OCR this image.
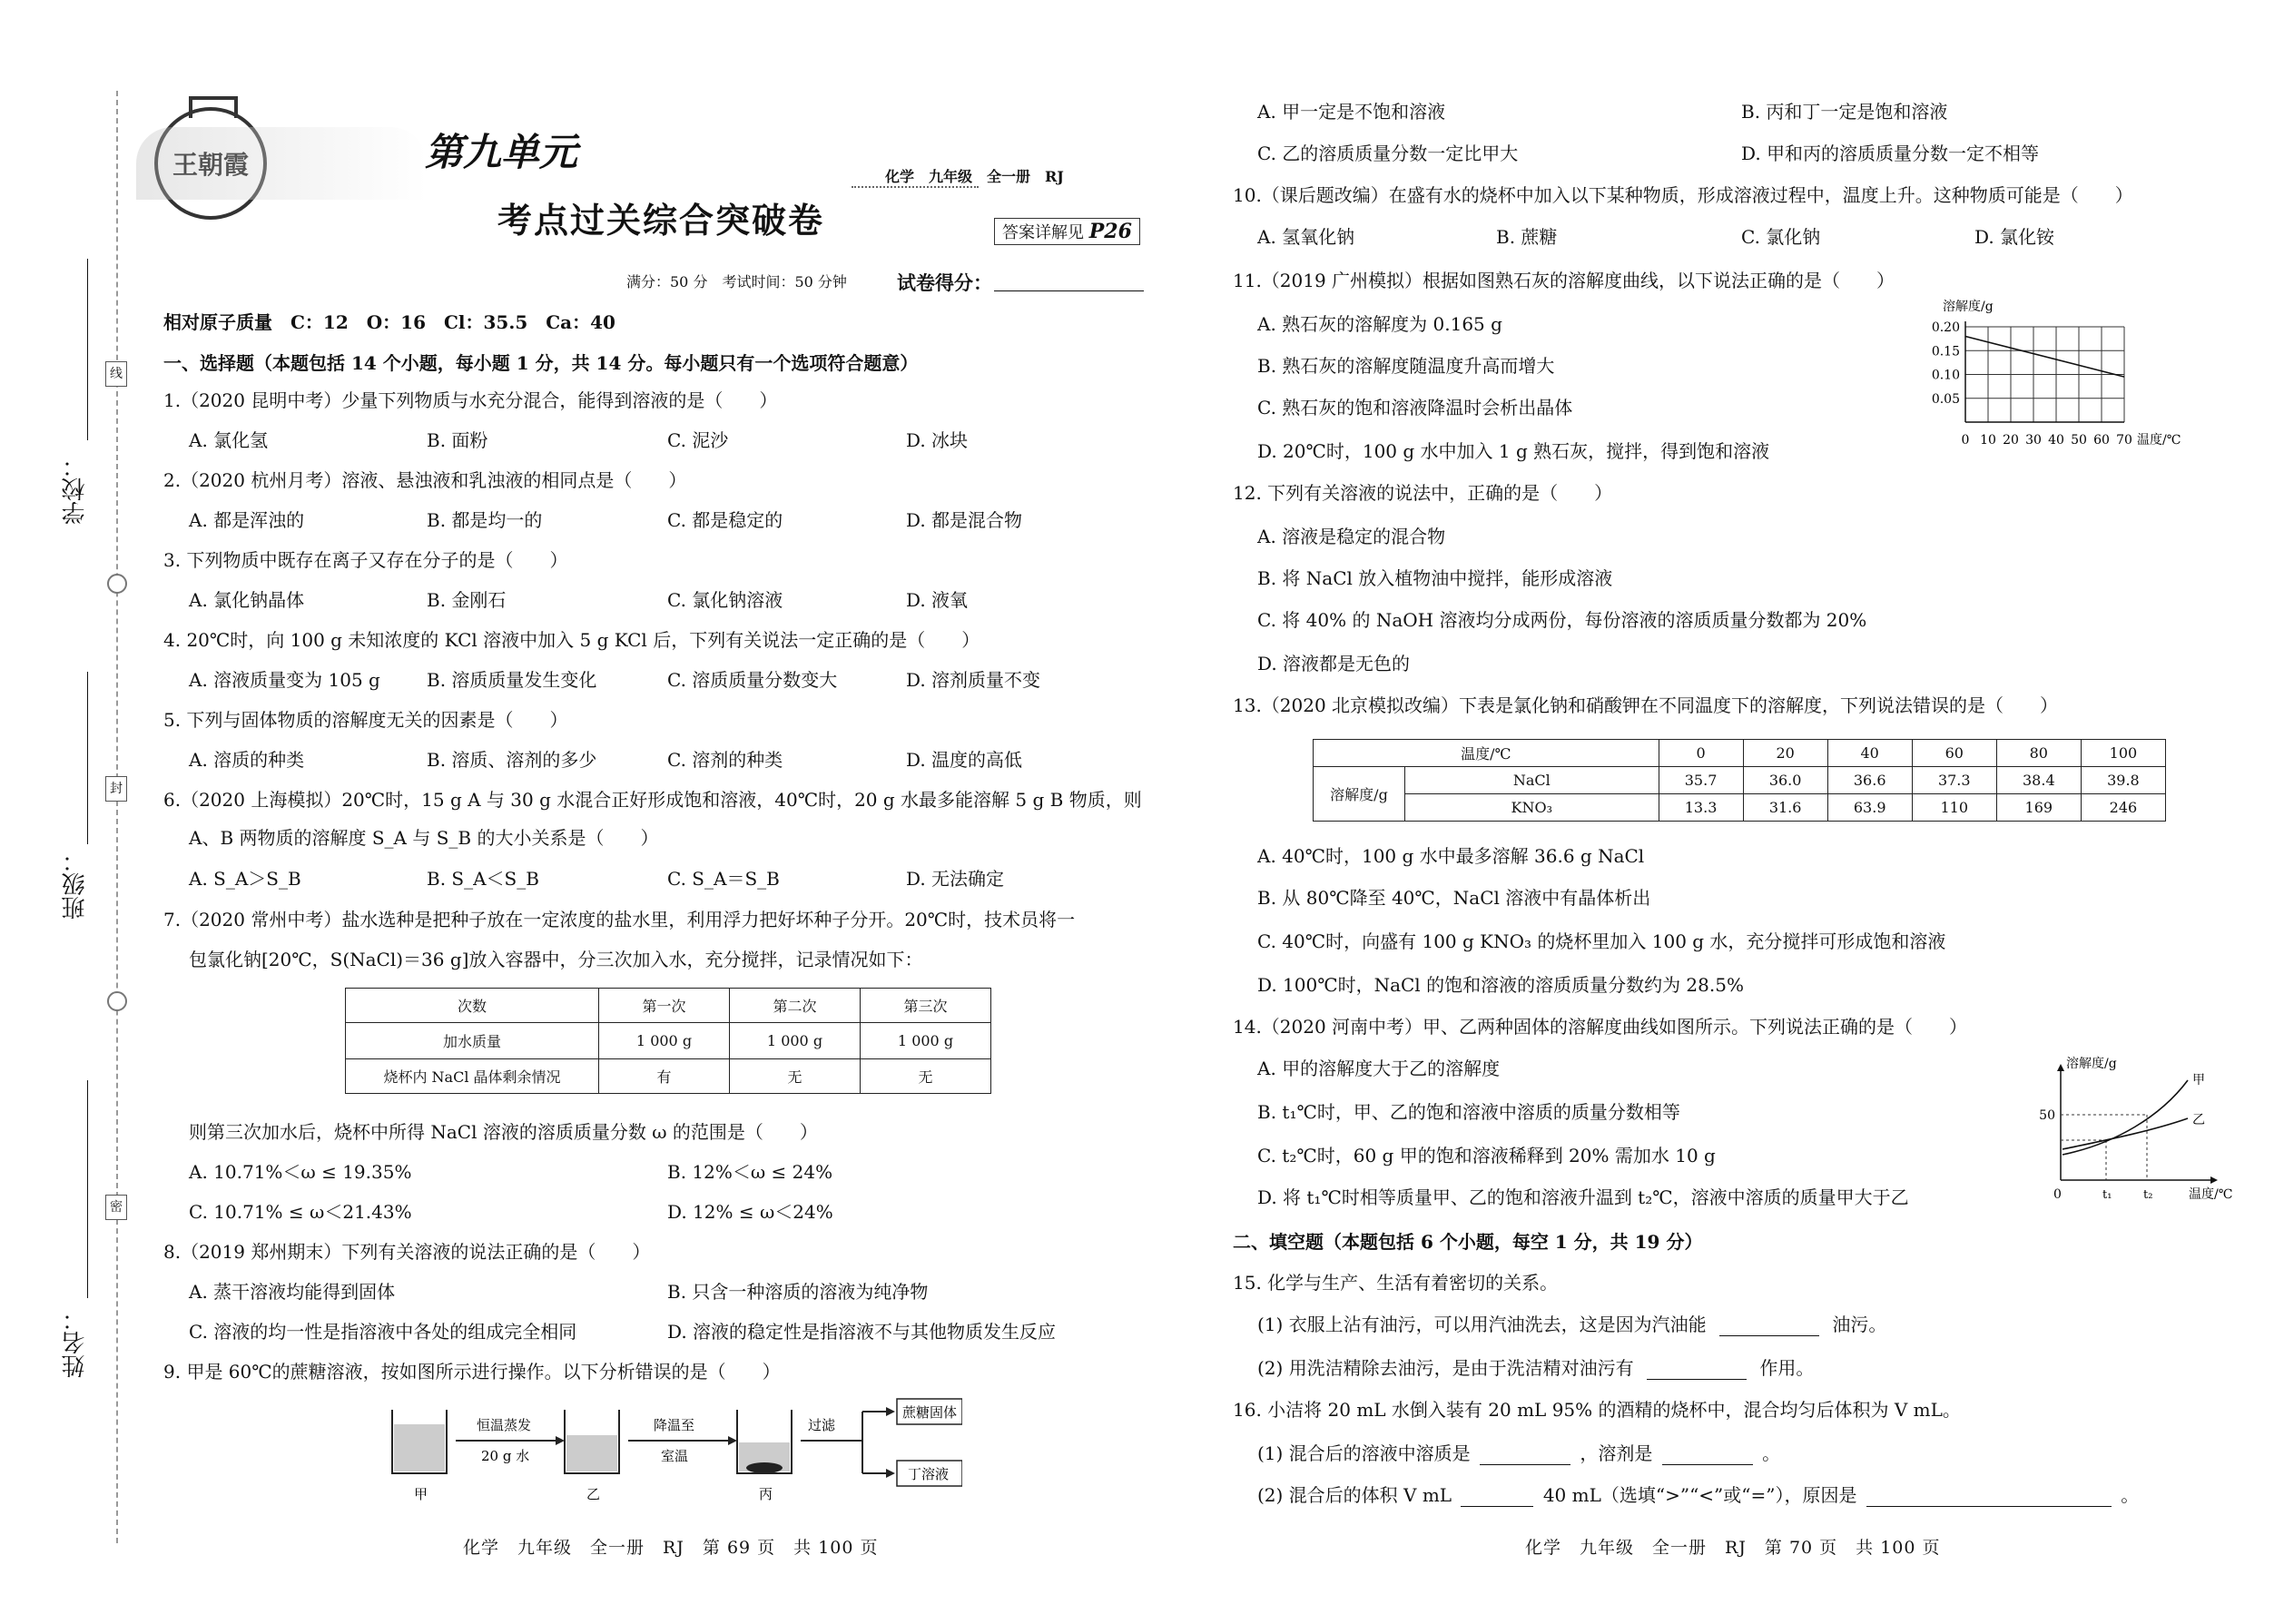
学校：
班级：
姓名：
线
封
密
王朝霞	第九单元
考点过关综合突破卷
化学　九年级　全一册　RJ
答案详解见 P26
满分：50 分　考试时间：50 分钟	试卷得分：
相对原子质量　C：12　O：16　Cl：35.5　Ca：40
一、选择题（本题包括 14 个小题，每小题 1 分，共 14 分。每小题只有一个选项符合题意）
1.（2020 昆明中考）少量下列物质与水充分混合，能得到溶液的是（　　）
A. 氯化氢	B. 面粉	C. 泥沙	D. 冰块
2.（2020 杭州月考）溶液、悬浊液和乳浊液的相同点是（　　）
A. 都是浑浊的	B. 都是均一的	C. 都是稳定的	D. 都是混合物
3. 下列物质中既存在离子又存在分子的是（　　）
A. 氯化钠晶体	B. 金刚石	C. 氯化钠溶液	D. 液氧
4. 20℃时，向 100 g 未知浓度的 KCl 溶液中加入 5 g KCl 后，下列有关说法一定正确的是（　　）
A. 溶液质量变为 105 g	B. 溶质质量发生变化	C. 溶质质量分数变大	D. 溶剂质量不变
5. 下列与固体物质的溶解度无关的因素是（　　）
A. 溶质的种类	B. 溶质、溶剂的多少	C. 溶剂的种类	D. 温度的高低
6.（2020 上海模拟）20℃时，15 g A 与 30 g 水混合正好形成饱和溶液，40℃时，20 g 水最多能溶解 5 g B 物质，则
A、B 两物质的溶解度 S_A 与 S_B 的大小关系是（　　）
A. S_A＞S_B	B. S_A＜S_B	C. S_A＝S_B	D. 无法确定
7.（2020 常州中考）盐水选种是把种子放在一定浓度的盐水里，利用浮力把好坏种子分开。20℃时，技术员将一
包氯化钠[20℃，S(NaCl)＝36 g]放入容器中，分三次加入水，充分搅拌，记录情况如下：
次数	第一次	第二次	第三次
加水质量	1 000 g	1 000 g	1 000 g
烧杯内 NaCl 晶体剩余情况	有	无	无
则第三次加水后，烧杯中所得 NaCl 溶液的溶质质量分数 ω 的范围是（　　）
A. 10.71%＜ω ≤ 19.35%	B. 12%＜ω ≤ 24%
C. 10.71% ≤ ω＜21.43%	D. 12% ≤ ω＜24%
8.（2019 郑州期末）下列有关溶液的说法正确的是（　　）
A. 蒸干溶液均能得到固体	B. 只含一种溶质的溶液为纯净物
C. 溶液的均一性是指溶液中各处的组成完全相同	D. 溶液的稳定性是指溶液不与其他物质发生反应
9. 甲是 60℃的蔗糖溶液，按如图所示进行操作。以下分析错误的是（　　）
恒温蒸发
20 g 水
降温至
室温
过滤
蔗糖固体
丁溶液
甲	乙	丙
化学　九年级　全一册　RJ　第 69 页　共 100 页
A. 甲一定是不饱和溶液	B. 丙和丁一定是饱和溶液
C. 乙的溶质质量分数一定比甲大	D. 甲和丙的溶质质量分数一定不相等
10.（课后题改编）在盛有水的烧杯中加入以下某种物质，形成溶液过程中，温度上升。这种物质可能是（　　）
A. 氢氧化钠	B. 蔗糖	C. 氯化钠	D. 氯化铵
11.（2019 广州模拟）根据如图熟石灰的溶解度曲线，以下说法正确的是（　　）
A. 熟石灰的溶解度为 0.165 g
B. 熟石灰的溶解度随温度升高而增大
C. 熟石灰的饱和溶液降温时会析出晶体
D. 20℃时，100 g 水中加入 1 g 熟石灰，搅拌，得到饱和溶液
溶解度/g
0.05
0.10
0.15
0.20
0 10 20 30 40 50 60 70 温度/℃
12. 下列有关溶液的说法中，正确的是（　　）
A. 溶液是稳定的混合物
B. 将 NaCl 放入植物油中搅拌，能形成溶液
C. 将 40% 的 NaOH 溶液均分成两份，每份溶液的溶质质量分数都为 20%
D. 溶液都是无色的
13.（2020 北京模拟改编）下表是氯化钠和硝酸钾在不同温度下的溶解度，下列说法错误的是（　　）
温度/℃		0	20	40	60	80	100
溶解度/g	NaCl	35.7	36.0	36.6	37.3	38.4	39.8
	KNO₃	13.3	31.6	63.9	110	169	246
A. 40℃时，100 g 水中最多溶解 36.6 g NaCl
B. 从 80℃降至 40℃，NaCl 溶液中有晶体析出
C. 40℃时，向盛有 100 g KNO₃ 的烧杯里加入 100 g 水，充分搅拌可形成饱和溶液
D. 100℃时，NaCl 的饱和溶液的溶质质量分数约为 28.5%
14.（2020 河南中考）甲、乙两种固体的溶解度曲线如图所示。下列说法正确的是（　　）
A. 甲的溶解度大于乙的溶解度
B. t₁℃时，甲、乙的饱和溶液中溶质的质量分数相等
C. t₂℃时，60 g 甲的饱和溶液稀释到 20% 需加水 10 g
D. 将 t₁℃时相等质量甲、乙的饱和溶液升温到 t₂℃，溶液中溶质的质量甲大于乙
溶解度/g
温度/℃
0	t₁	t₂
50
甲
乙
二、填空题（本题包括 6 个小题，每空 1 分，共 19 分）
15. 化学与生产、生活有着密切的关系。
(1) 衣服上沾有油污，可以用汽油洗去，这是因为汽油能	油污。
(2) 用洗洁精除去油污，是由于洗洁精对油污有	作用。
16. 小洁将 20 mL 水倒入装有 20 mL 95% 的酒精的烧杯中，混合均匀后体积为 V mL。
(1) 混合后的溶液中溶质是	，溶剂是	。
(2) 混合后的体积 V mL	40 mL（选填“>”“<”或“=”），原因是	。
化学　九年级　全一册　RJ　第 70 页　共 100 页
